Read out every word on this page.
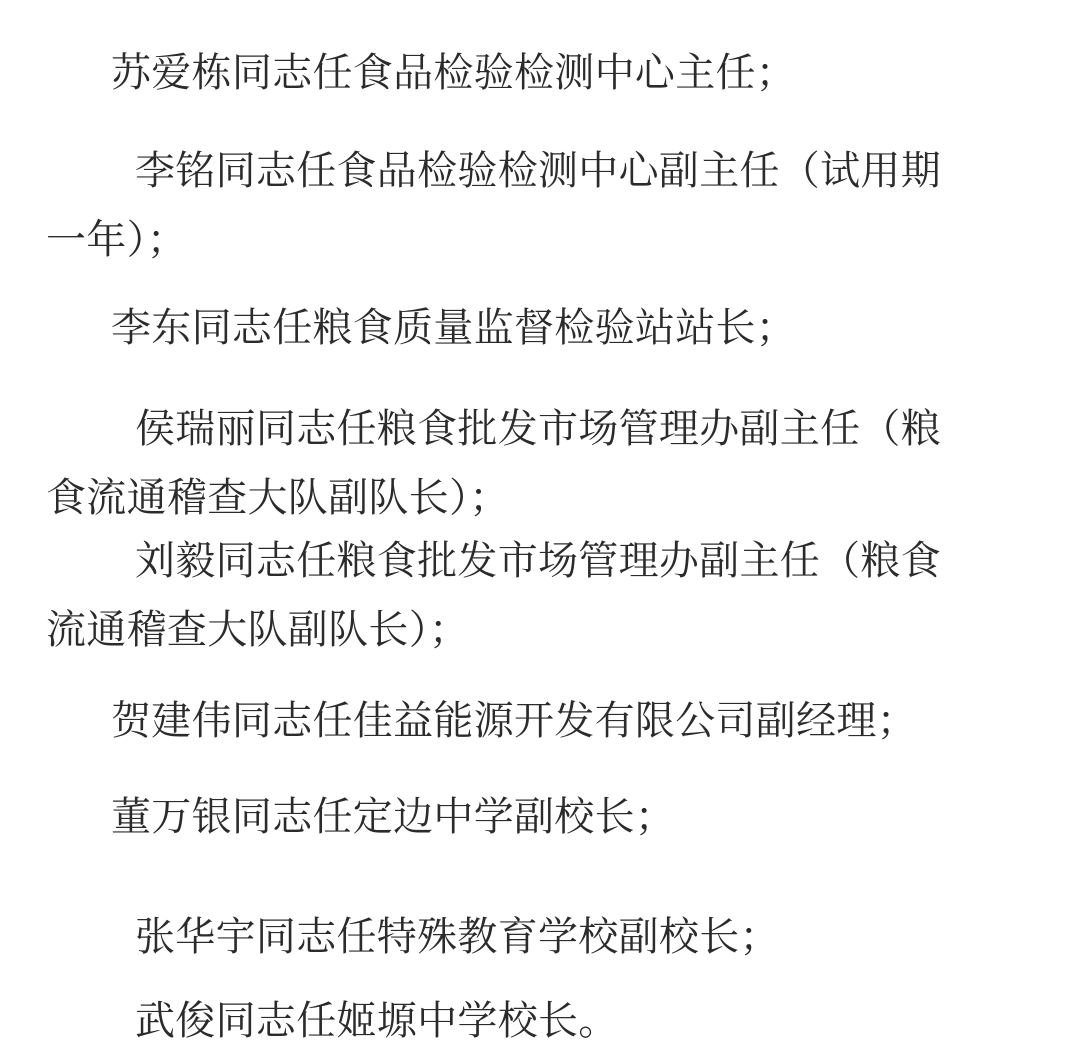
苏爱栋同志任食品检验检测中心主任；

李铭同志任食品检验检测中心副主任（试用期
一年）；

李东同志任粮食质量监督检验站站长；

侯瑞丽同志任粮食批发市场管理办副主任（粮
食流通稽查大队副队长）；

刘毅同志任粮食批发市场管理办副主任（粮食
流通稽查大队副队长）；

贺建伟同志任佳益能源开发有限公司副经理；

董万银同志任定边中学副校长；

张华宇同志任特殊教育学校副校长；

武俊同志任姬塬中学校长。
